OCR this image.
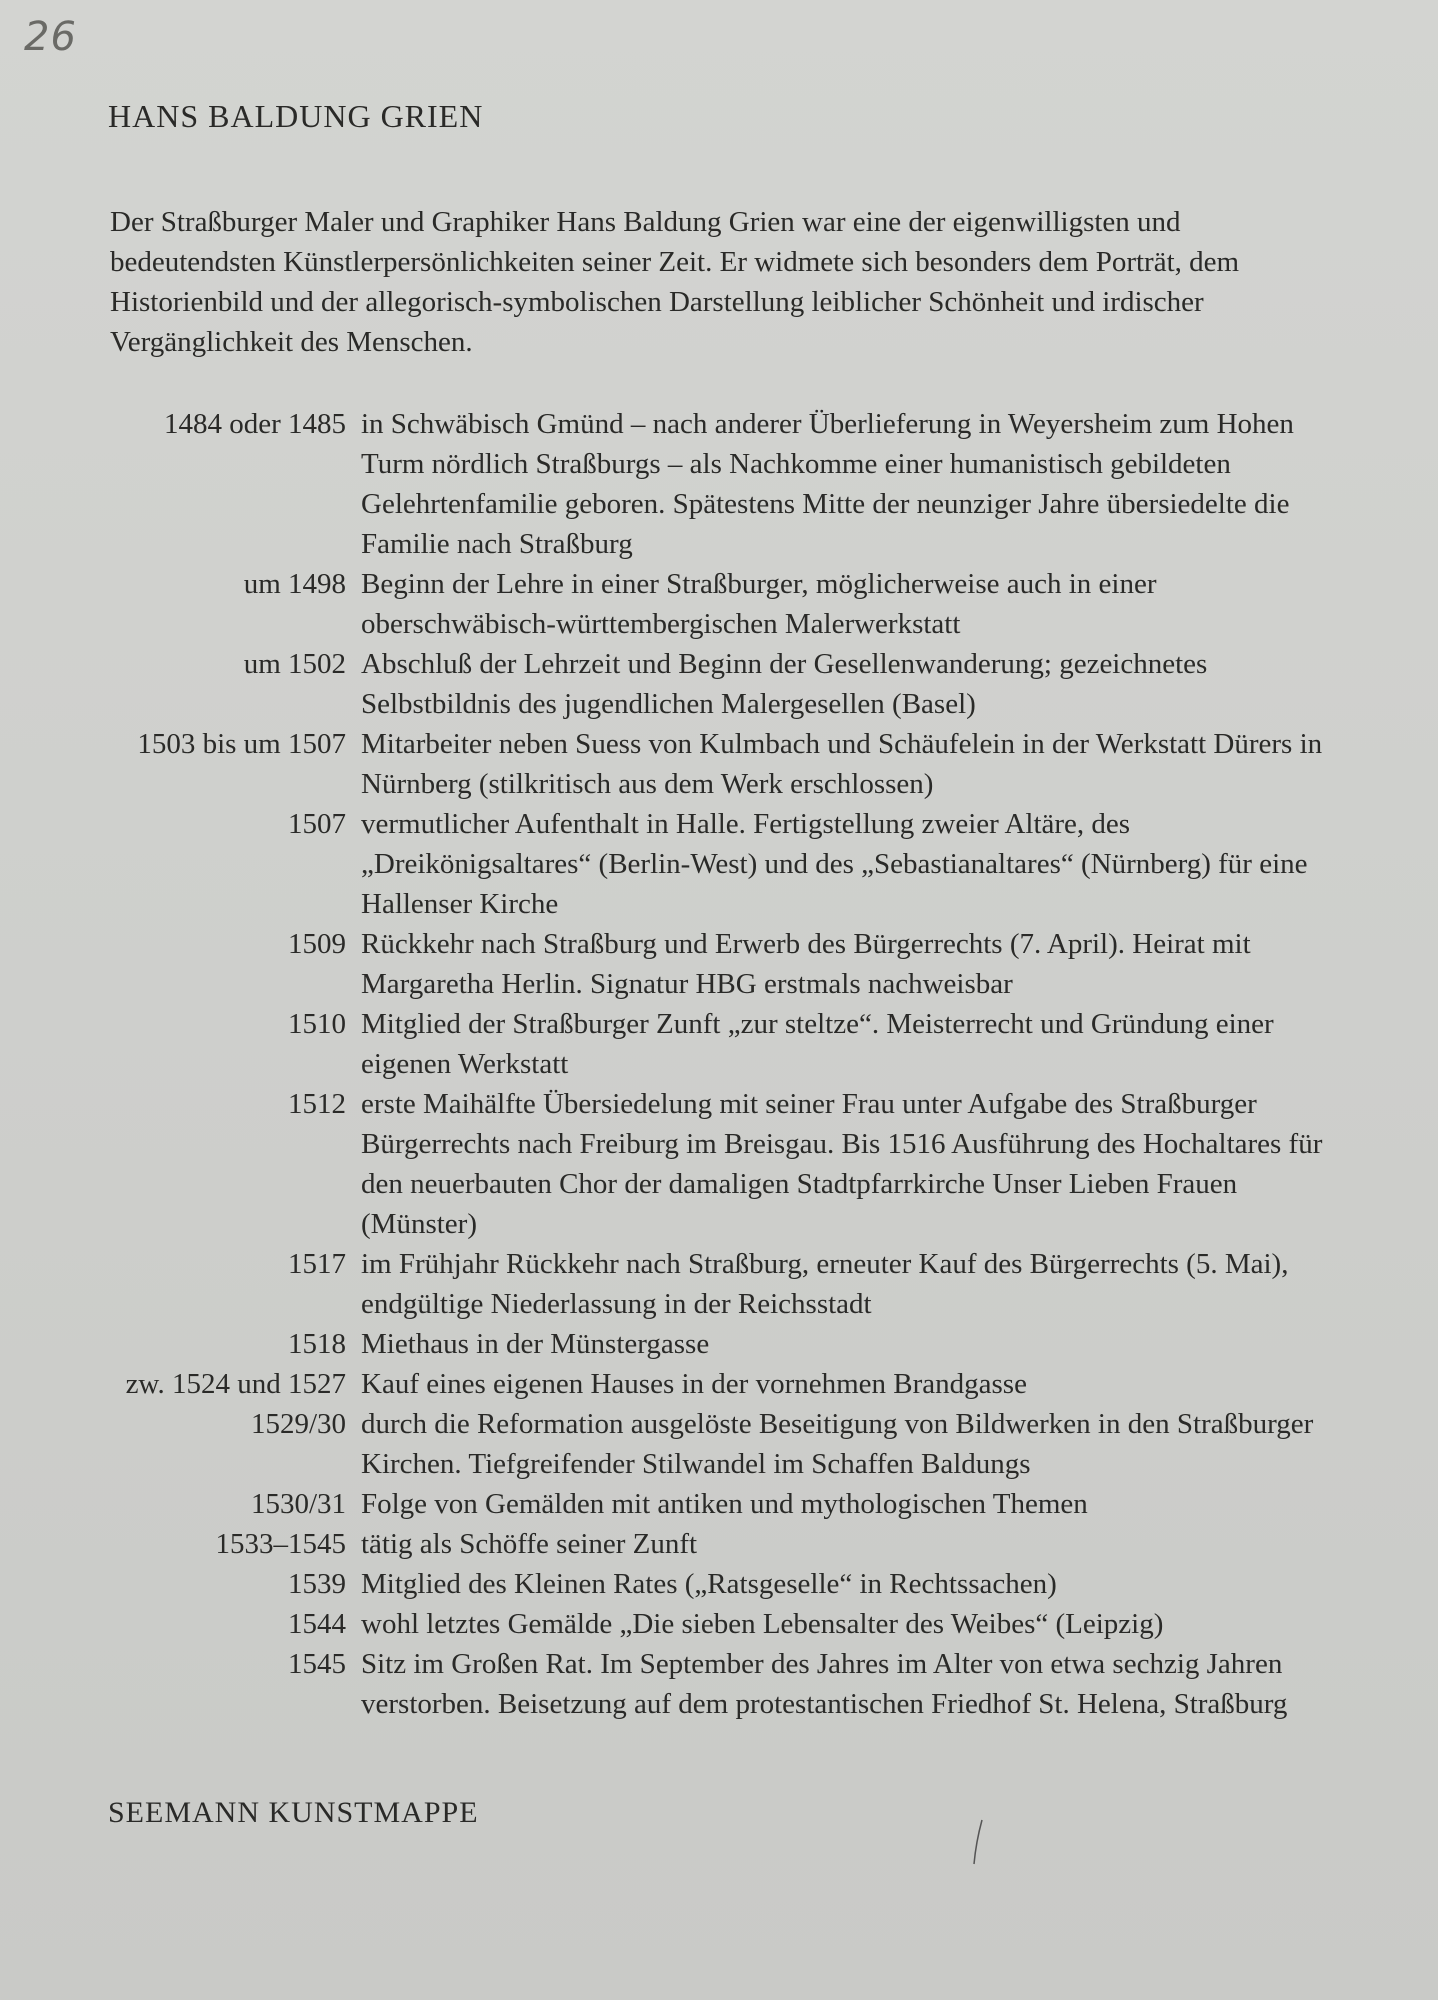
26
HANS BALDUNG GRIEN

Der Straßburger Maler und Graphiker Hans Baldung Grien war eine der eigenwilligsten und bedeutendsten Künstlerpersönlichkeiten seiner Zeit. Er widmete sich besonders dem Porträt, dem Historienbild und der allegorisch-symbolischen Darstellung leiblicher Schönheit und irdischer Vergänglichkeit des Menschen.

1484 oder 1485 in Schwäbisch Gmünd – nach anderer Überlieferung in Weyersheim zum Hohen Turm nördlich Straßburgs – als Nachkomme einer humanistisch gebildeten Gelehrtenfamilie geboren. Spätestens Mitte der neunziger Jahre übersiedelte die Familie nach Straßburg
um 1498 Beginn der Lehre in einer Straßburger, möglicherweise auch in einer oberschwäbisch-württembergischen Malerwerkstatt
um 1502 Abschluß der Lehrzeit und Beginn der Gesellenwanderung; gezeichnetes Selbstbildnis des jugendlichen Malergesellen (Basel)
1503 bis um 1507 Mitarbeiter neben Suess von Kulmbach und Schäufelein in der Werkstatt Dürers in Nürnberg (stilkritisch aus dem Werk erschlossen)
1507 vermutlicher Aufenthalt in Halle. Fertigstellung zweier Altäre, des „Dreikönigsaltares“ (Berlin-West) und des „Sebastianaltares“ (Nürnberg) für eine Hallenser Kirche
1509 Rückkehr nach Straßburg und Erwerb des Bürgerrechts (7. April). Heirat mit Margaretha Herlin. Signatur HBG erstmals nachweisbar
1510 Mitglied der Straßburger Zunft „zur steltze“. Meisterrecht und Gründung einer eigenen Werkstatt
1512 erste Maihälfte Übersiedelung mit seiner Frau unter Aufgabe des Straßburger Bürgerrechts nach Freiburg im Breisgau. Bis 1516 Ausführung des Hochaltares für den neuerbauten Chor der damaligen Stadtpfarrkirche Unser Lieben Frauen (Münster)
1517 im Frühjahr Rückkehr nach Straßburg, erneuter Kauf des Bürgerrechts (5. Mai), endgültige Niederlassung in der Reichsstadt
1518 Miethaus in der Münstergasse
zw. 1524 und 1527 Kauf eines eigenen Hauses in der vornehmen Brandgasse
1529/30 durch die Reformation ausgelöste Beseitigung von Bildwerken in den Straßburger Kirchen. Tiefgreifender Stilwandel im Schaffen Baldungs
1530/31 Folge von Gemälden mit antiken und mythologischen Themen
1533–1545 tätig als Schöffe seiner Zunft
1539 Mitglied des Kleinen Rates („Ratsgeselle“ in Rechtssachen)
1544 wohl letztes Gemälde „Die sieben Lebensalter des Weibes“ (Leipzig)
1545 Sitz im Großen Rat. Im September des Jahres im Alter von etwa sechzig Jahren verstorben. Beisetzung auf dem protestantischen Friedhof St. Helena, Straßburg
SEEMANN KUNSTMAPPE
